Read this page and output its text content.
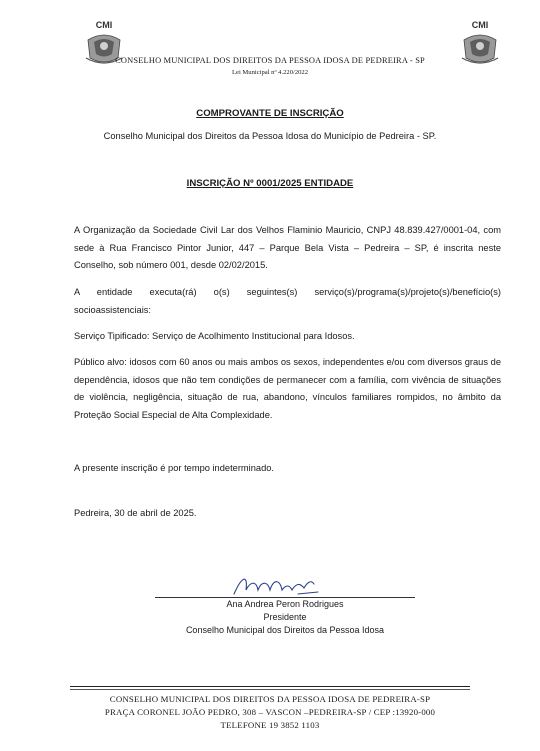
CMI	CMI
CONSELHO MUNICIPAL DOS DIREITOS DA PESSOA IDOSA DE PEDREIRA - SP
Lei Municipal nº 4.220/2022
COMPROVANTE DE INSCRIÇÃO
Conselho Municipal dos Direitos da Pessoa Idosa do Município de Pedreira - SP.
INSCRIÇÃO Nº 0001/2025 ENTIDADE
A Organização da Sociedade Civil Lar dos Velhos Flaminio Mauricio, CNPJ 48.839.427/0001-04, com sede à Rua Francisco Pintor Junior, 447 – Parque Bela Vista – Pedreira – SP, é inscrita neste Conselho, sob número 001, desde 02/02/2015.
A entidade executa(rá) o(s) seguintes(s) serviço(s)/programa(s)/projeto(s)/benefício(s) socioassistenciais:
Serviço Tipificado: Serviço de Acolhimento Institucional para Idosos.
Público alvo: idosos com 60 anos ou mais ambos os sexos, independentes e/ou com diversos graus de dependência, idosos que não tem condições de permanecer com a família, com vivência de situações de violência, negligência, situação de rua, abandono, vínculos familiares rompidos, no âmbito da Proteção Social Especial de Alta Complexidade.
A presente inscrição é por tempo indeterminado.
Pedreira, 30 de abril de 2025.
Ana Andrea Peron Rodrigues
Presidente
Conselho Municipal dos Direitos da Pessoa Idosa
CONSELHO MUNICIPAL DOS DIREITOS DA PESSOA IDOSA DE PEDREIRA-SP
PRAÇA CORONEL JOÃO PEDRO, 308 – VASCON –PEDREIRA-SP / CEP :13920-000
TELEFONE 19 3852 1103
